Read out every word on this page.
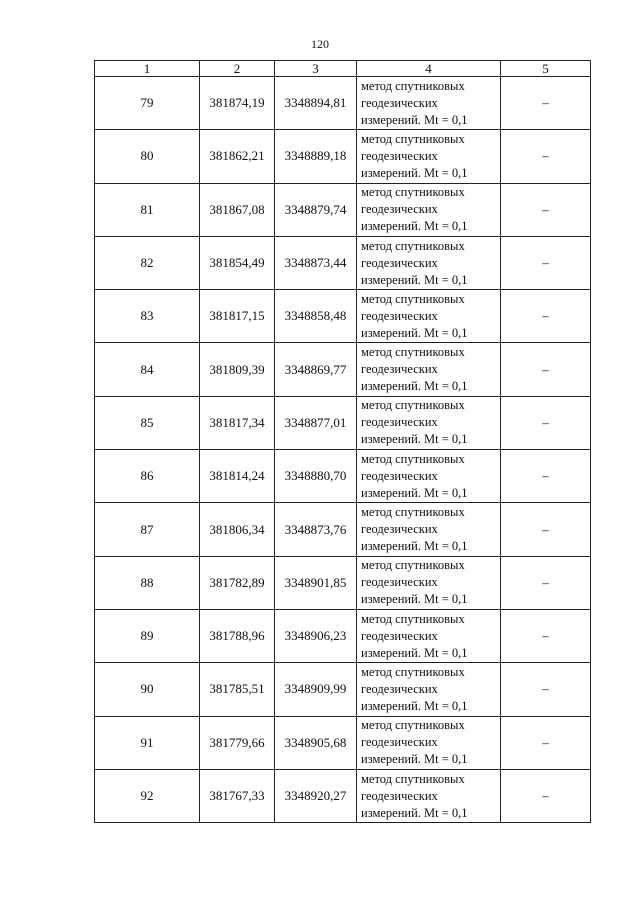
120
1	2	3	4	5
79	381874,19	3348894,81	метод спутниковых
геодезических
измерений. Mt = 0,1	–
80	381862,21	3348889,18	метод спутниковых
геодезических
измерений. Mt = 0,1	–
81	381867,08	3348879,74	метод спутниковых
геодезических
измерений. Mt = 0,1	–
82	381854,49	3348873,44	метод спутниковых
геодезических
измерений. Mt = 0,1	–
83	381817,15	3348858,48	метод спутниковых
геодезических
измерений. Mt = 0,1	–
84	381809,39	3348869,77	метод спутниковых
геодезических
измерений. Mt = 0,1	–
85	381817,34	3348877,01	метод спутниковых
геодезических
измерений. Mt = 0,1	–
86	381814,24	3348880,70	метод спутниковых
геодезических
измерений. Mt = 0,1	–
87	381806,34	3348873,76	метод спутниковых
геодезических
измерений. Mt = 0,1	–
88	381782,89	3348901,85	метод спутниковых
геодезических
измерений. Mt = 0,1	–
89	381788,96	3348906,23	метод спутниковых
геодезических
измерений. Mt = 0,1	–
90	381785,51	3348909,99	метод спутниковых
геодезических
измерений. Mt = 0,1	–
91	381779,66	3348905,68	метод спутниковых
геодезических
измерений. Mt = 0,1	–
92	381767,33	3348920,27	метод спутниковых
геодезических
измерений. Mt = 0,1	–
